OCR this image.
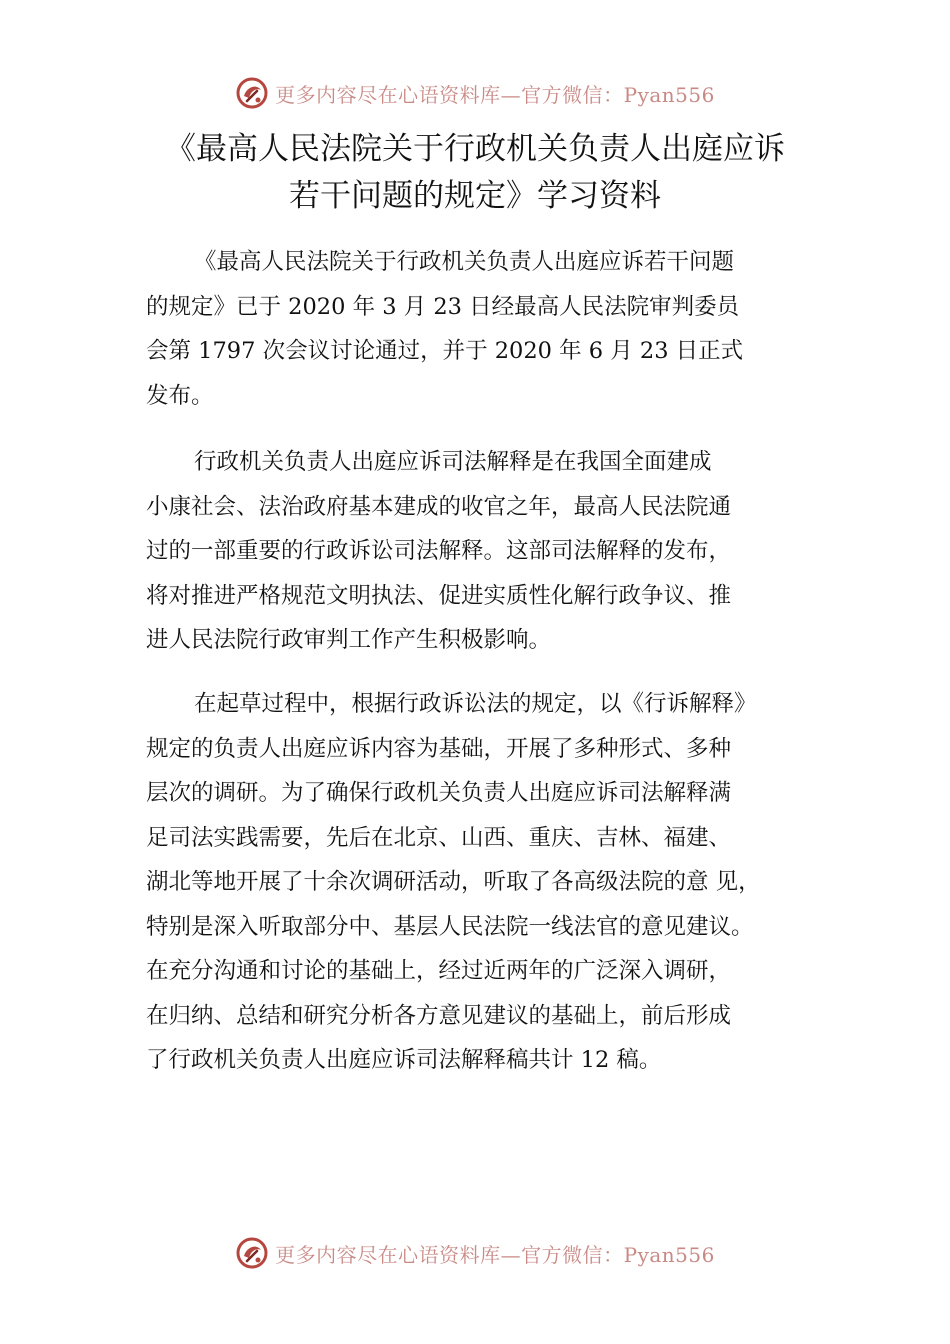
更多内容尽在心语资料库—官方微信：Pyan556
《最高人民法院关于行政机关负责人出庭应诉
若干问题的规定》学习资料
《最高人民法院关于行政机关负责人出庭应诉若干问题
的规定》已于 2020 年 3 月 23 日经最高人民法院审判委员
会第 1797 次会议讨论通过，并于 2020 年 6 月 23 日正式
发布。
行政机关负责人出庭应诉司法解释是在我国全面建成
小康社会、法治政府基本建成的收官之年，最高人民法院通
过的一部重要的行政诉讼司法解释。这部司法解释的发布，
将对推进严格规范文明执法、促进实质性化解行政争议、推
进人民法院行政审判工作产生积极影响。
在起草过程中，根据行政诉讼法的规定，以《行诉解释》
规定的负责人出庭应诉内容为基础，开展了多种形式、多种
层次的调研。为了确保行政机关负责人出庭应诉司法解释满
足司法实践需要，先后在北京、山西、重庆、吉林、福建、
湖北等地开展了十余次调研活动，听取了各高级法院的意 见，
特别是深入听取部分中、基层人民法院一线法官的意见建议。
在充分沟通和讨论的基础上，经过近两年的广泛深入调研，
在归纳、总结和研究分析各方意见建议的基础上，前后形成
了行政机关负责人出庭应诉司法解释稿共计 12 稿。
更多内容尽在心语资料库—官方微信：Pyan556
